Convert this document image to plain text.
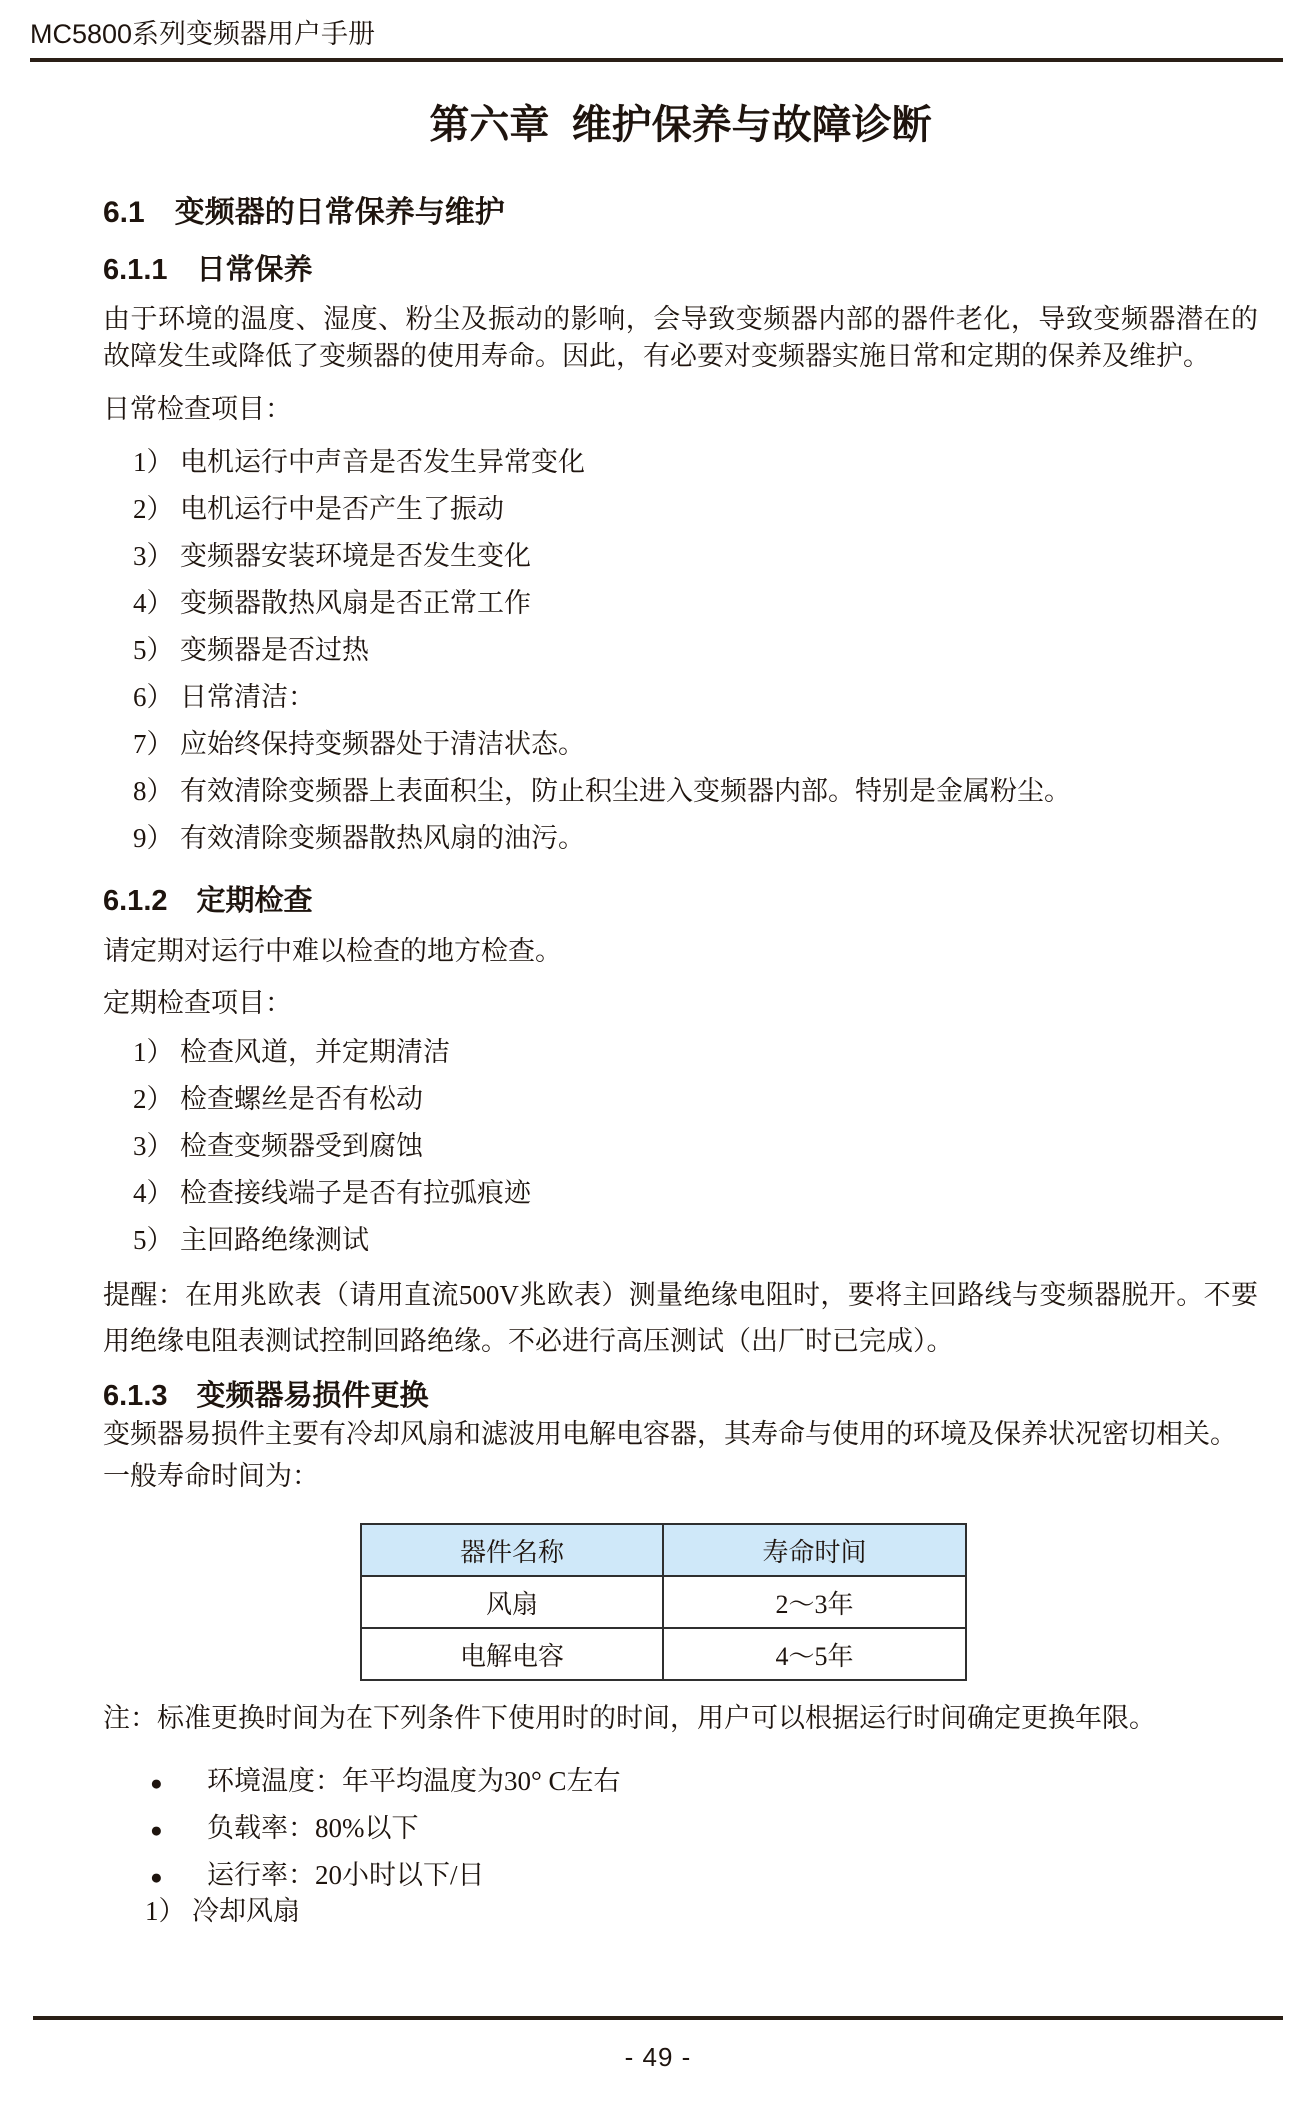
MC5800系列变频器用户手册
第六章  维护保养与故障诊断
6.1　变频器的日常保养与维护
6.1.1　日常保养

由于环境的温度、湿度、粉尘及振动的影响，会导致变频器内部的器件老化，导致变频器潜在的故障发生或降低了变频器的使用寿命。因此，有必要对变频器实施日常和定期的保养及维护。

日常检查项目：

1） 电机运行中声音是否发生异常变化
2） 电机运行中是否产生了振动
3） 变频器安装环境是否发生变化
4） 变频器散热风扇是否正常工作
5） 变频器是否过热
6） 日常清洁：
7） 应始终保持变频器处于清洁状态。
8） 有效清除变频器上表面积尘，防止积尘进入变频器内部。特别是金属粉尘。
9） 有效清除变频器散热风扇的油污。
6.1.2　定期检查

请定期对运行中难以检查的地方检查。

定期检查项目：

1） 检查风道，并定期清洁
2） 检查螺丝是否有松动
3） 检查变频器受到腐蚀
4） 检查接线端子是否有拉弧痕迹
5） 主回路绝缘测试

提醒：在用兆欧表（请用直流500V兆欧表）测量绝缘电阻时，要将主回路线与变频器脱开。不要用绝缘电阻表测试控制回路绝缘。不必进行高压测试（出厂时已完成）。

6.1.3　变频器易损件更换

变频器易损件主要有冷却风扇和滤波用电解电容器，其寿命与使用的环境及保养状况密切相关。

一般寿命时间为：

器件名称	寿命时间
风扇	2～3年
电解电容	4～5年

注：标准更换时间为在下列条件下使用时的时间，用户可以根据运行时间确定更换年限。

●	环境温度：年平均温度为30° C左右
●	负载率：80%以下
●	运行率：20小时以下/日
1） 冷却风扇
- 49 -
